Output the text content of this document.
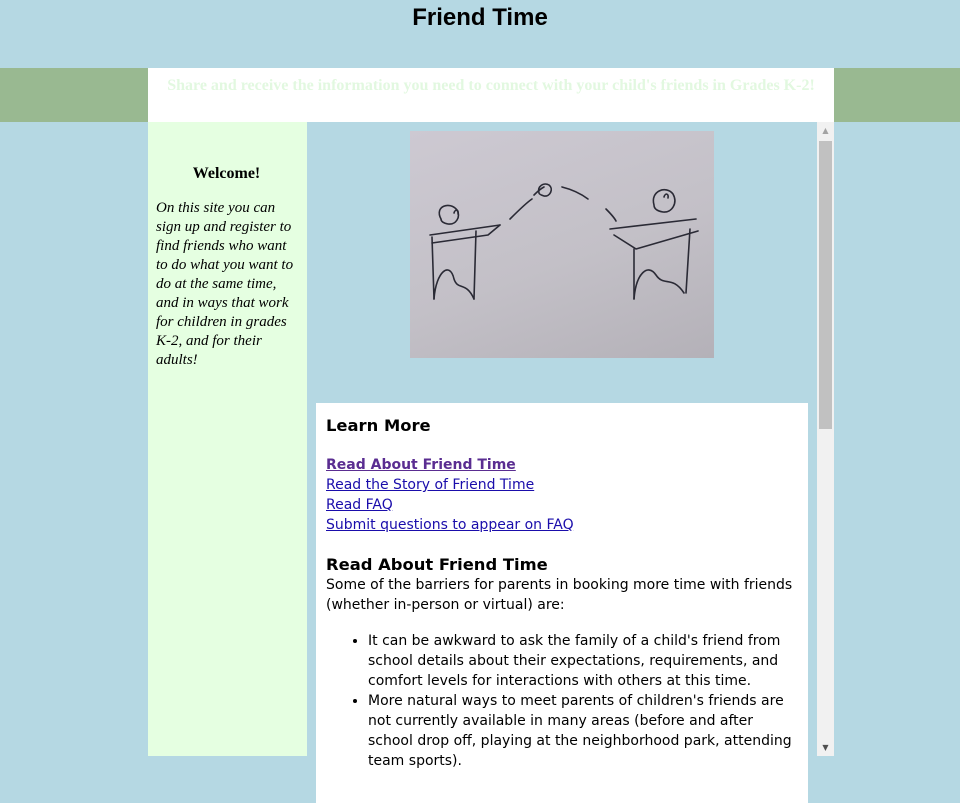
Friend Time

Share and receive the information you need to connect with your child's friends in Grades K-2!

Welcome!

On this site you can sign up and register to find friends who want to do what you want to do at the same time, and in ways that work for children in grades K-2, and for their adults!

Learn More
Read About Friend Time
Read the Story of Friend Time
Read FAQ
Submit questions to appear on FAQ
Read About Friend Time

Some of the barriers for parents in booking more time with friends (whether in-person or virtual) are:

• It can be awkward to ask the family of a child's friend from school details about their expectations, requirements, and comfort levels for interactions with others at this time.
• More natural ways to meet parents of children's friends are not currently available in many areas (before and after school drop off, playing at the neighborhood park, attending team sports).
▲
▼
